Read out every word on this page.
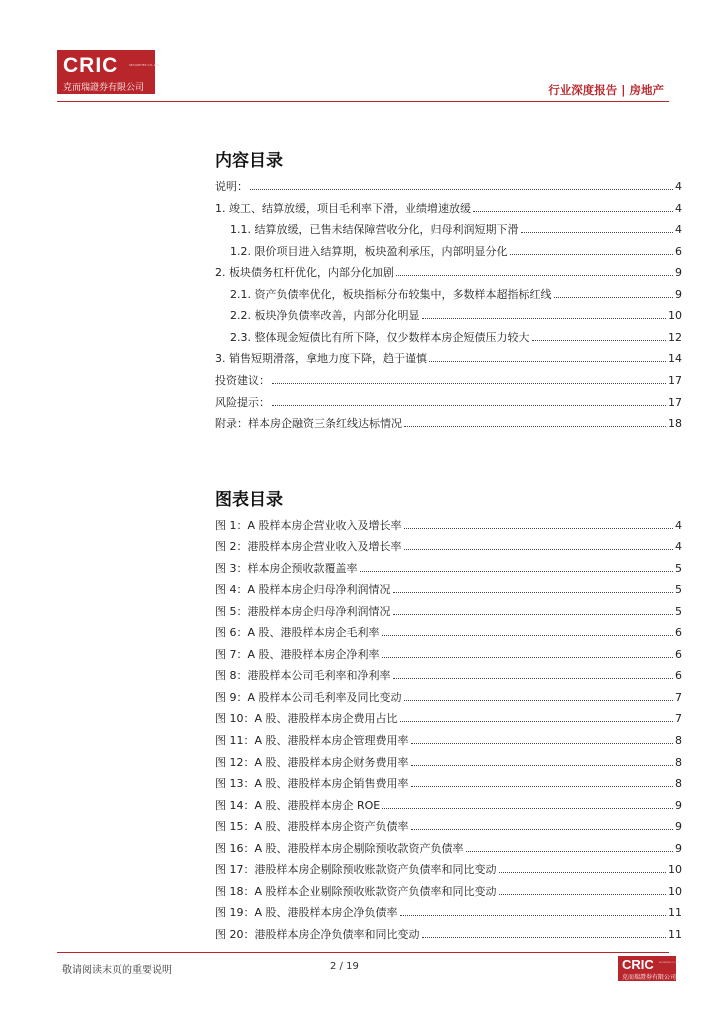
CRIC	SECURITIES CO.,LTD
克而瑞證券有限公司	行业深度报告 | 房地产
内容目录
说明：	4
1. 竣工、结算放缓，项目毛利率下滑，业绩增速放缓	4
1.1. 结算放缓，已售未结保障营收分化，归母利润短期下滑	4
1.2. 限价项目进入结算期，板块盈利承压，内部明显分化	6
2. 板块债务杠杆优化，内部分化加剧	9
2.1. 资产负债率优化，板块指标分布较集中，多数样本超指标红线	9
2.2. 板块净负债率改善，内部分化明显	10
2.3. 整体现金短债比有所下降，仅少数样本房企短债压力较大	12
3. 销售短期滑落，拿地力度下降，趋于谨慎	14
投资建议：	17
风险提示：	17
附录：样本房企融资三条红线达标情况	18
图表目录
图 1：A 股样本房企营业收入及增长率	4
图 2：港股样本房企营业收入及增长率	4
图 3：样本房企预收款覆盖率	5
图 4：A 股样本房企归母净利润情况	5
图 5：港股样本房企归母净利润情况	5
图 6：A 股、港股样本房企毛利率	6
图 7：A 股、港股样本房企净利率	6
图 8：港股样本公司毛利率和净利率	6
图 9：A 股样本公司毛利率及同比变动	7
图 10：A 股、港股样本房企费用占比	7
图 11：A 股、港股样本房企管理费用率	8
图 12：A 股、港股样本房企财务费用率	8
图 13：A 股、港股样本房企销售费用率	8
图 14：A 股、港股样本房企 ROE	9
图 15：A 股、港股样本房企资产负债率	9
图 16：A 股、港股样本房企剔除预收款资产负债率	9
图 17：港股样本房企剔除预收账款资产负债率和同比变动	10
图 18：A 股样本企业剔除预收账款资产负债率和同比变动	10
图 19：A 股、港股样本房企净负债率	11
图 20：港股样本房企净负债率和同比变动	11
敬请阅读末页的重要说明	2 / 19	CRIC	SECURITIES CO.,LTD
克而瑞證券有限公司
